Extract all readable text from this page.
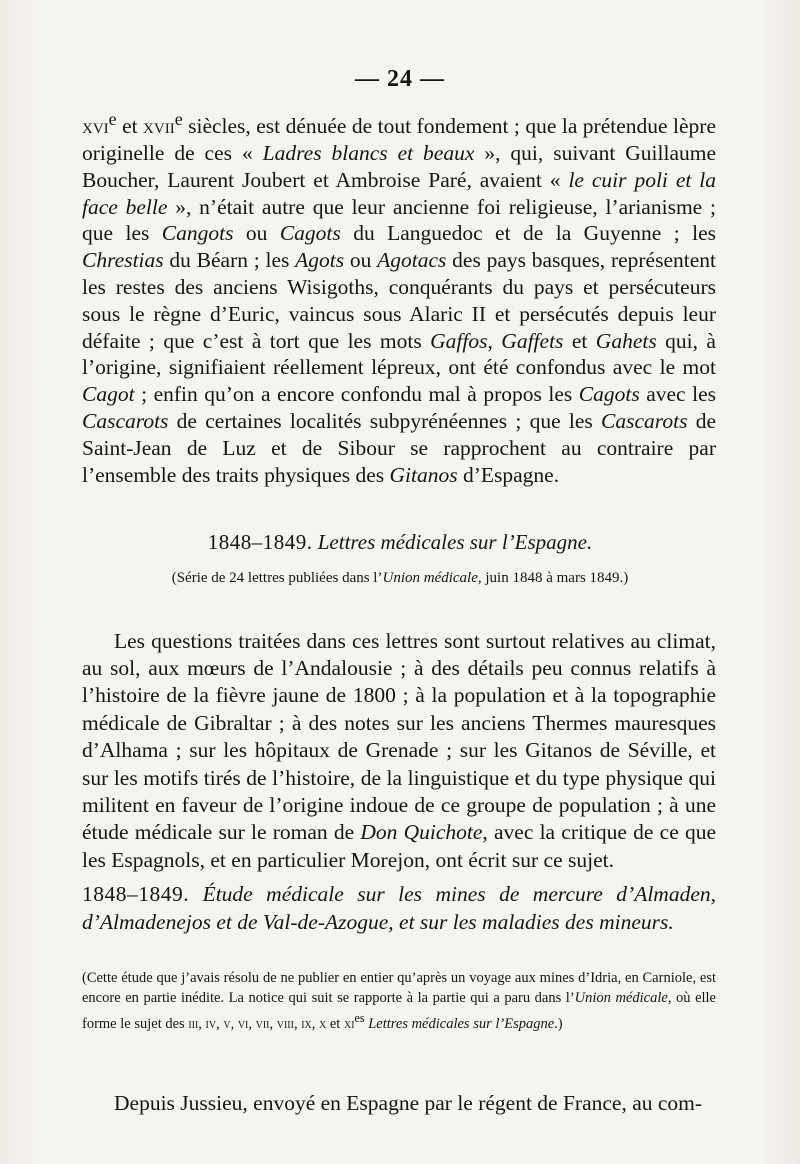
— 24 —

xvi$^e$ et xvii$^e$ siècles, est dénuée de tout fondement ; que la prétendue lèpre originelle de ces « Ladres blancs et beaux », qui, suivant Guillaume Boucher, Laurent Joubert et Ambroise Paré, avaient « le cuir poli et la face belle », n’était autre que leur ancienne foi religieuse, l’arianisme ; que les Cangots ou Cagots du Languedoc et de la Guyenne ; les Chrestias du Béarn ; les Agots ou Agotacs des pays basques, représentent les restes des anciens Wisigoths, conquérants du pays et persécuteurs sous le règne d’Euric, vaincus sous Alaric II et persécutés depuis leur défaite ; que c’est à tort que les mots Gaffos, Gaffets et Gahets qui, à l’origine, signifiaient réellement lépreux, ont été confondus avec le mot Cagot ; enfin qu’on a encore confondu mal à propos les Cagots avec les Cascarots de certaines localités subpyrénéennes ; que les Cascarots de Saint-Jean de Luz et de Sibour se rapprochent au contraire par l’ensemble des traits physiques des Gitanos d’Espagne.

1848–1849. Lettres médicales sur l’Espagne.
(Série de 24 lettres publiées dans l’Union médicale, juin 1848 à mars 1849.)

Les questions traitées dans ces lettres sont surtout relatives au climat, au sol, aux mœurs de l’Andalousie ; à des détails peu connus relatifs à l’histoire de la fièvre jaune de 1800 ; à la population et à la topographie médicale de Gibraltar ; à des notes sur les anciens Thermes mauresques d’Alhama ; sur les hôpitaux de Grenade ; sur les Gitanos de Séville, et sur les motifs tirés de l’histoire, de la linguistique et du type physique qui militent en faveur de l’origine indoue de ce groupe de population ; à une étude médicale sur le roman de Don Quichote, avec la critique de ce que les Espagnols, et en particulier Morejon, ont écrit sur ce sujet.

1848–1849. Étude médicale sur les mines de mercure d’Almaden, d’Almadenejos et de Val-de-Azogue, et sur les maladies des mineurs.
(Cette étude que j’avais résolu de ne publier en entier qu’après un voyage aux mines d’Idria, en Carniole, est encore en partie inédite. La notice qui suit se rapporte à la partie qui a paru dans l’Union médicale, où elle forme le sujet des iii, iv, v, vi, vii, viii, ix, x et $xi^{es}$ Lettres médicales sur l’Espagne.)

Depuis Jussieu, envoyé en Espagne par le régent de France, au com-
